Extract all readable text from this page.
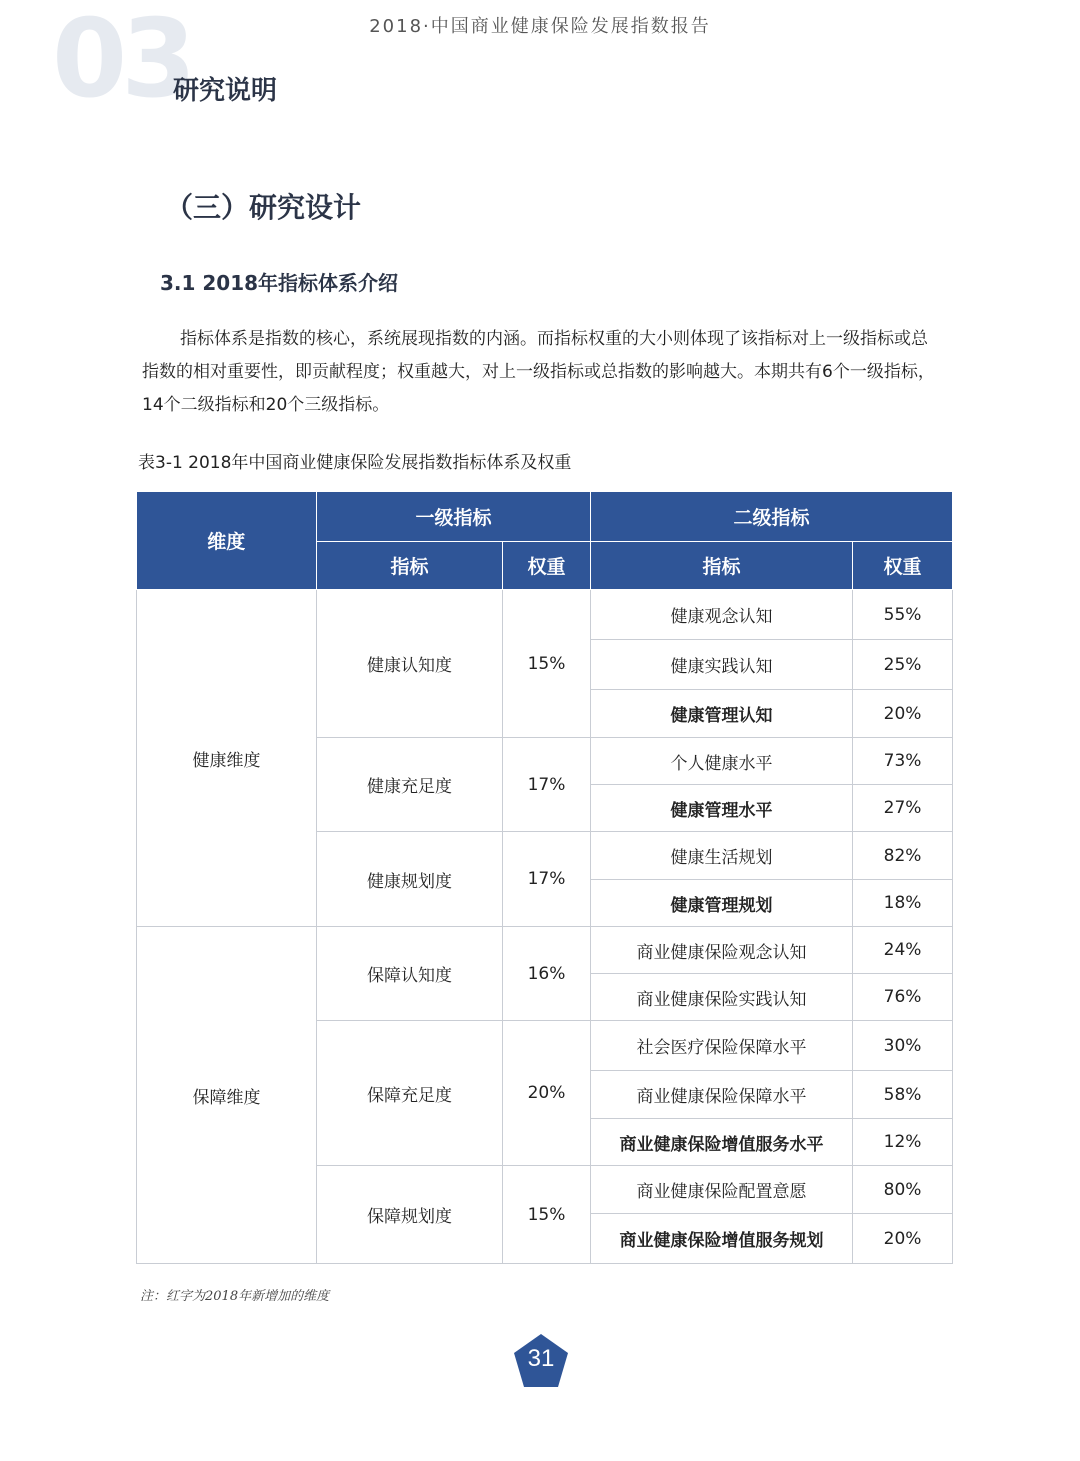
2018·中国商业健康保险发展指数报告
03
研究说明
（三）研究设计
3.1 2018年指标体系介绍
指标体系是指数的核心，系统展现指数的内涵。而指标权重的大小则体现了该指标对上一级指标或总指数的相对重要性，即贡献程度；权重越大，对上一级指标或总指数的影响越大。本期共有6个一级指标，14个二级指标和20个三级指标。
表3-1 2018年中国商业健康保险发展指数指标体系及权重
维度	一级指标		二级指标	
	指标	权重	指标	权重
健康维度	健康认知度	15%	健康观念认知	55%
			健康实践认知	25%
			健康管理认知	20%
	健康充足度	17%	个人健康水平	73%
			健康管理水平	27%
	健康规划度	17%	健康生活规划	82%
			健康管理规划	18%
保障维度	保障认知度	16%	商业健康保险观念认知	24%
			商业健康保险实践认知	76%
	保障充足度	20%	社会医疗保险保障水平	30%
			商业健康保险保障水平	58%
			商业健康保险增值服务水平	12%
	保障规划度	15%	商业健康保险配置意愿	80%
			商业健康保险增值服务规划	20%
注：红字为2018年新增加的维度
31
